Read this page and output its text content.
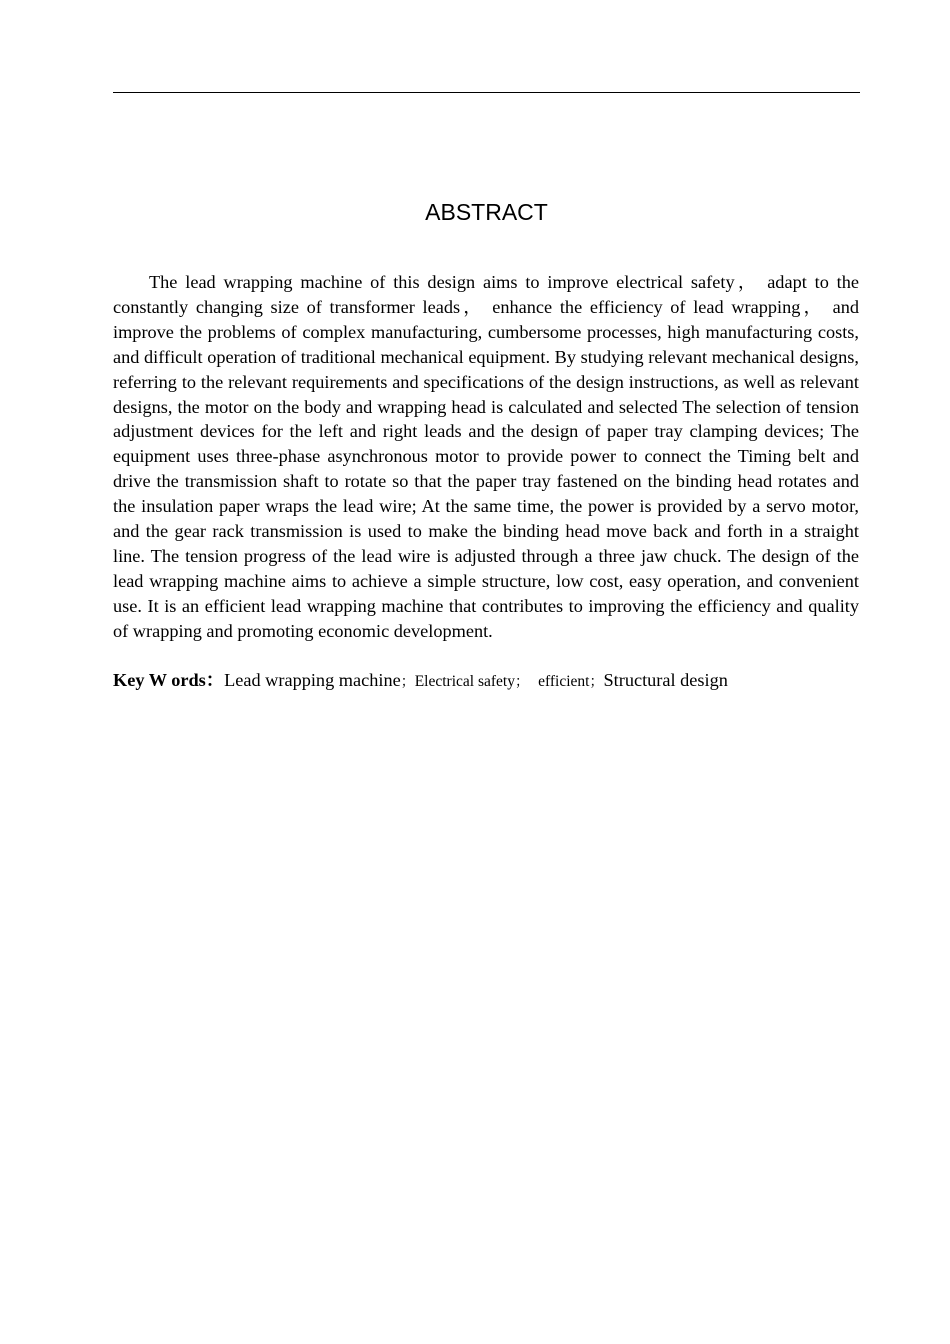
ABSTRACT

The lead wrapping machine of this design aims to improve electrical safety， adapt to the constantly changing size of transformer leads， enhance the efficiency of lead wrapping， and improve the problems of complex manufacturing, cumbersome processes, high manufacturing costs, and difficult operation of traditional mechanical equipment. By studying relevant mechanical designs, referring to the relevant requirements and specifications of the design instructions, as well as relevant designs, the motor on the body and wrapping head is calculated and selected The selection of tension adjustment devices for the left and right leads and the design of paper tray clamping devices; The equipment uses three-phase asynchronous motor to provide power to connect the Timing belt and drive the transmission shaft to rotate so that the paper tray fastened on the binding head rotates and the insulation paper wraps the lead wire; At the same time, the power is provided by a servo motor, and the gear rack transmission is used to make the binding head move back and forth in a straight line. The tension progress of the lead wire is adjusted through a three jaw chuck. The design of the lead wrapping machine aims to achieve a simple structure, low cost, easy operation, and convenient use. It is an efficient lead wrapping machine that contributes to improving the efficiency and quality of wrapping and promoting economic development.

Key W ords：Lead wrapping machine；Electrical safety； efficient；Structural design
